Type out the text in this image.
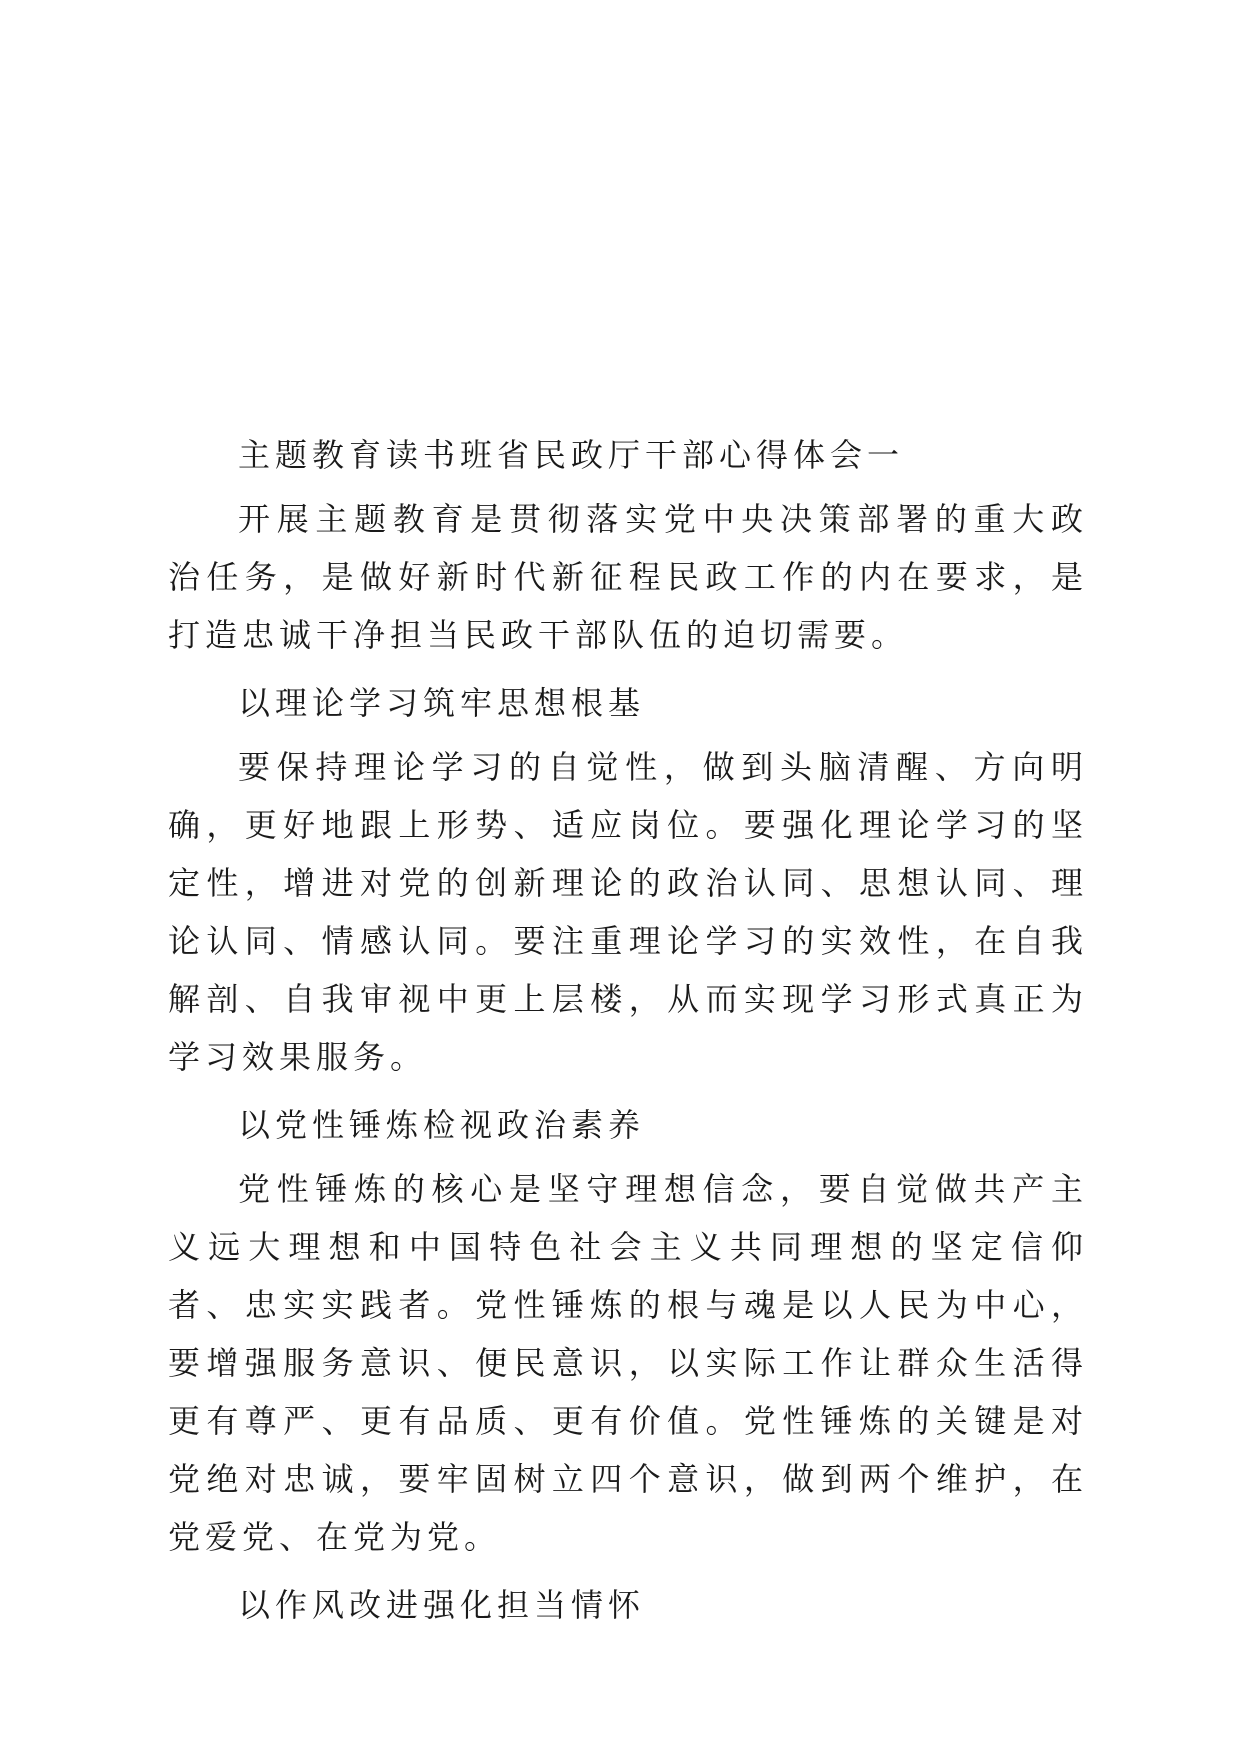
主题教育读书班省民政厅干部心得体会一

开展主题教育是贯彻落实党中央决策部署的重大政治任务，是做好新时代新征程民政工作的内在要求，是打造忠诚干净担当民政干部队伍的迫切需要。

以理论学习筑牢思想根基

要保持理论学习的自觉性，做到头脑清醒、方向明确，更好地跟上形势、适应岗位。要强化理论学习的坚定性，增进对党的创新理论的政治认同、思想认同、理论认同、情感认同。要注重理论学习的实效性，在自我解剖、自我审视中更上层楼，从而实现学习形式真正为学习效果服务。

以党性锤炼检视政治素养

党性锤炼的核心是坚守理想信念，要自觉做共产主义远大理想和中国特色社会主义共同理想的坚定信仰者、忠实实践者。党性锤炼的根与魂是以人民为中心，要增强服务意识、便民意识，以实际工作让群众生活得更有尊严、更有品质、更有价值。党性锤炼的关键是对党绝对忠诚，要牢固树立四个意识，做到两个维护，在党爱党、在党为党。

以作风改进强化担当情怀
